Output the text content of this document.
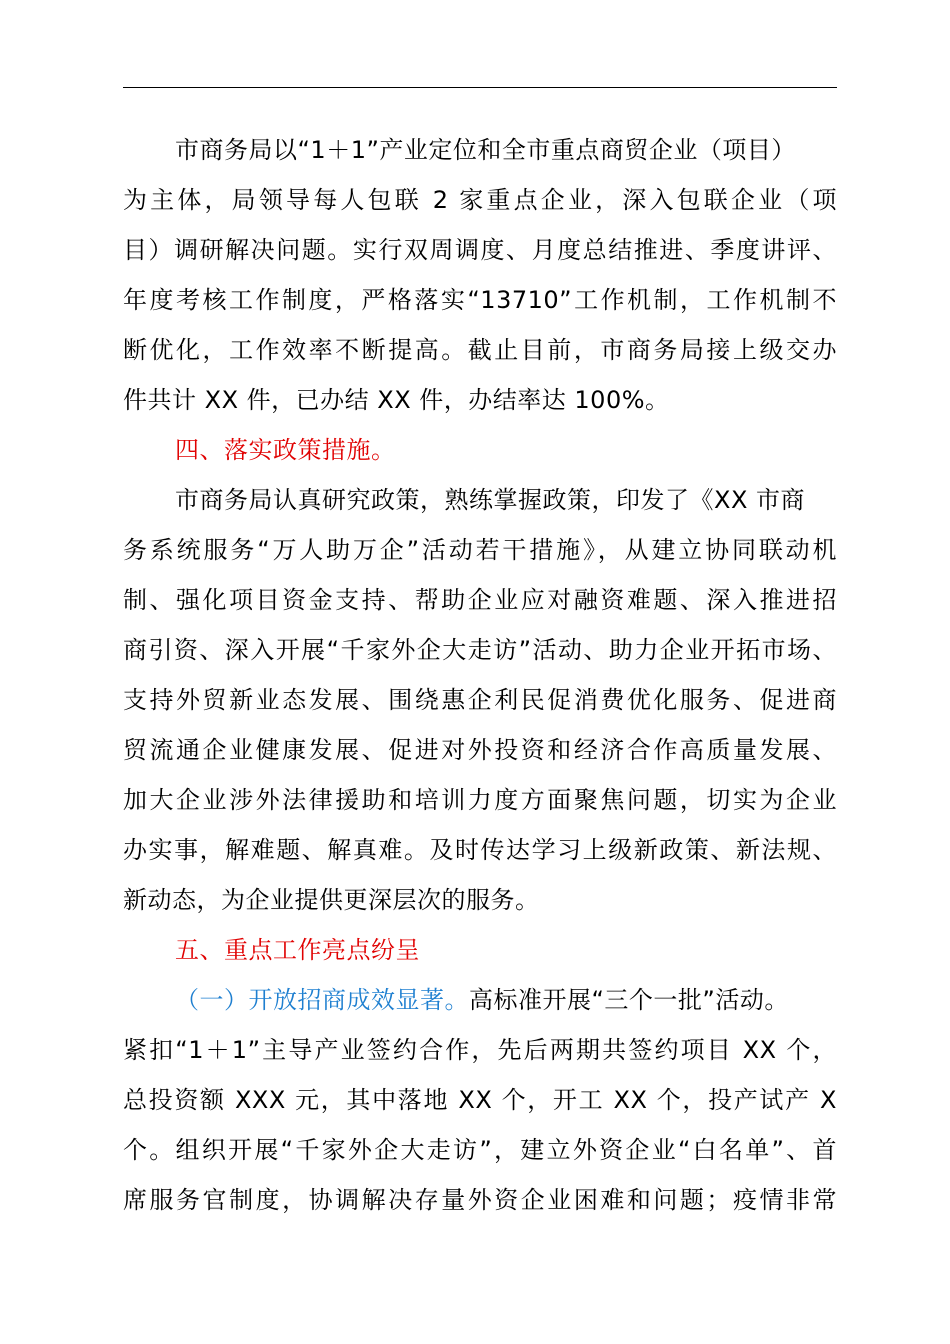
市商务局以“1＋1”产业定位和全市重点商贸企业（项目）
为主体，局领导每人包联 2 家重点企业，深入包联企业（项
目）调研解决问题。实行双周调度、月度总结推进、季度讲评、
年度考核工作制度，严格落实“13710”工作机制，工作机制不
断优化，工作效率不断提高。截止目前，市商务局接上级交办
件共计 XX 件，已办结 XX 件，办结率达 100%。
四、落实政策措施。
市商务局认真研究政策，熟练掌握政策，印发了《XX 市商
务系统服务“万人助万企”活动若干措施》，从建立协同联动机
制、强化项目资金支持、帮助企业应对融资难题、深入推进招
商引资、深入开展“千家外企大走访”活动、助力企业开拓市场、
支持外贸新业态发展、围绕惠企利民促消费优化服务、促进商
贸流通企业健康发展、促进对外投资和经济合作高质量发展、
加大企业涉外法律援助和培训力度方面聚焦问题，切实为企业
办实事，解难题、解真难。及时传达学习上级新政策、新法规、
新动态，为企业提供更深层次的服务。
五、重点工作亮点纷呈
（一）开放招商成效显著。高标准开展“三个一批”活动。
紧扣“1＋1”主导产业签约合作，先后两期共签约项目 XX 个，
总投资额 XXX 元，其中落地 XX 个，开工 XX 个，投产试产 X
个。组织开展“千家外企大走访”，建立外资企业“白名单”、首
席服务官制度，协调解决存量外资企业困难和问题；疫情非常
